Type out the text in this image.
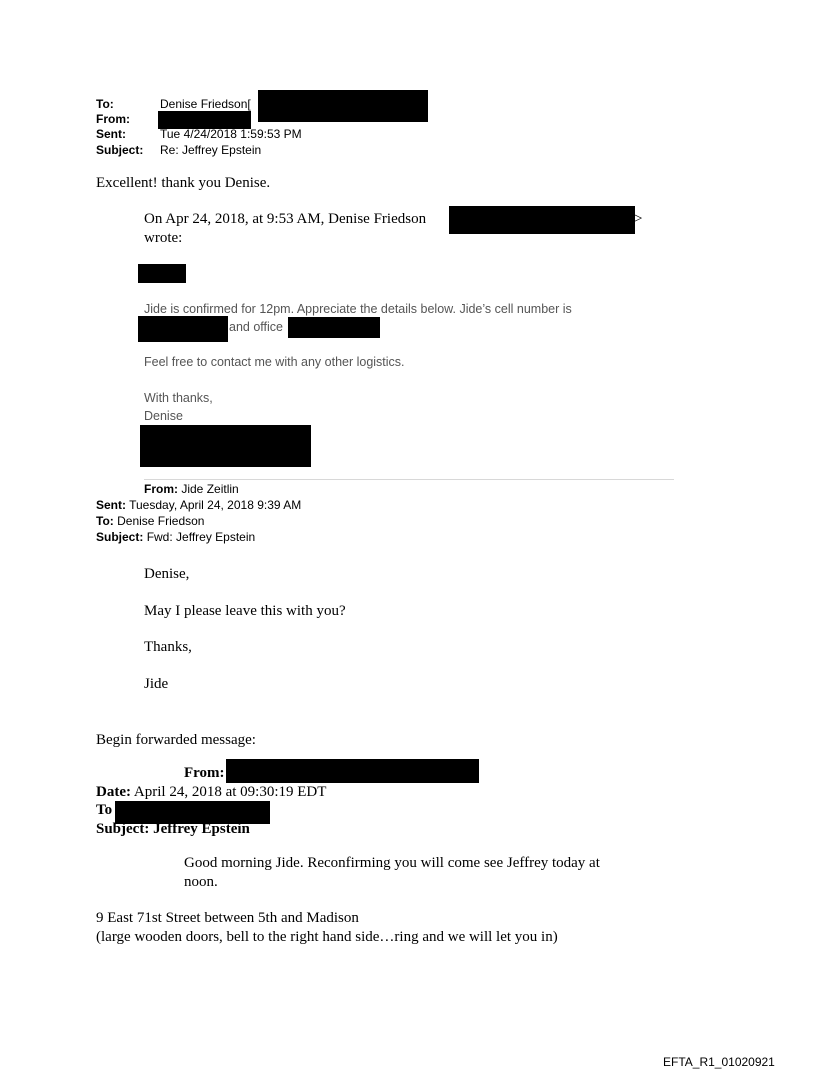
To:	Denise Friedson[
From:
Sent:	Tue 4/24/2018 1:59:53 PM
Subject: Re: Jeffrey Epstein
Excellent! thank you Denise.
On Apr 24, 2018, at 9:53 AM, Denise Friedson	>
wrote:
Jide is confirmed for 12pm. Appreciate the details below. Jide’s cell number is
and office
Feel free to contact me with any other logistics.
With thanks,
Denise
From: Jide Zeitlin
Sent: Tuesday, April 24, 2018 9:39 AM
To: Denise Friedson
Subject: Fwd: Jeffrey Epstein
Denise,
May I please leave this with you?
Thanks,
Jide
Begin forwarded message:
From:
Date: April 24, 2018 at 09:30:19 EDT
To
Subject: Jeffrey Epstein
Good morning Jide. Reconfirming you will come see Jeffrey today at
noon.
9 East 71st Street between 5th and Madison
(large wooden doors, bell to the right hand side…ring and we will let you in)
EFTA_R1_01020921
